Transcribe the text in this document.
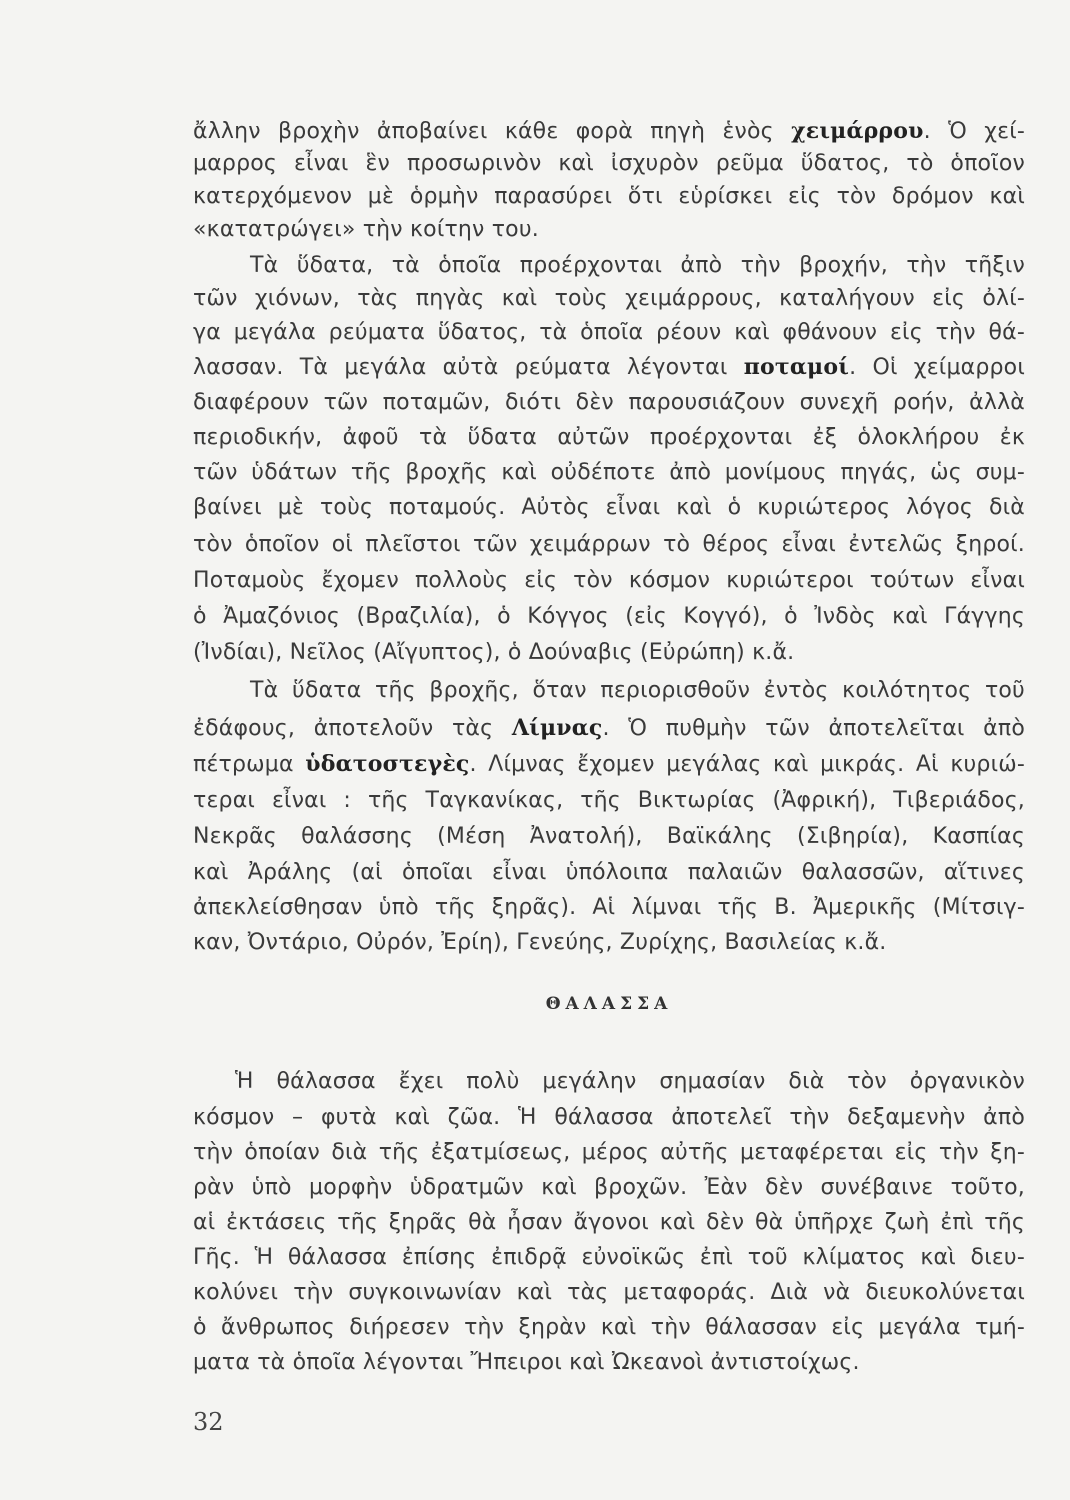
ἄλλην βροχὴν ἀποβαίνει κάθε φορὰ πηγὴ ἑνὸς χειμάρρου. Ὁ χεί-

μαρρος εἶναι ἓν προσωρινὸν καὶ ἰσχυρὸν ρεῦμα ὕδατος, τὸ ὁποῖον

κατερχόμενον μὲ ὁρμὴν παρασύρει ὅτι εὑρίσκει εἰς τὸν δρόμον καὶ

«κατατρώγει» τὴν κοίτην του.

Τὰ ὕδατα, τὰ ὁποῖα προέρχονται ἀπὸ τὴν βροχήν, τὴν τῆξιν

τῶν χιόνων, τὰς πηγὰς καὶ τοὺς χειμάρρους, καταλήγουν εἰς ὀλί-

γα μεγάλα ρεύματα ὕδατος, τὰ ὁποῖα ρέουν καὶ φθάνουν εἰς τὴν θά-

λασσαν. Τὰ μεγάλα αὐτὰ ρεύματα λέγονται ποταμοί. Οἱ χείμαρροι

διαφέρουν τῶν ποταμῶν, διότι δὲν παρουσιάζουν συνεχῆ ροήν, ἀλλὰ

περιοδικήν, ἀφοῦ τὰ ὕδατα αὐτῶν προέρχονται ἐξ ὁλοκλήρου ἐκ

τῶν ὑδάτων τῆς βροχῆς καὶ οὐδέποτε ἀπὸ μονίμους πηγάς, ὡς συμ-

βαίνει μὲ τοὺς ποταμούς. Αὐτὸς εἶναι καὶ ὁ κυριώτερος λόγος διὰ

τὸν ὁποῖον οἱ πλεῖστοι τῶν χειμάρρων τὸ θέρος εἶναι ἐντελῶς ξηροί.

Ποταμοὺς ἔχομεν πολλοὺς εἰς τὸν κόσμον κυριώτεροι τούτων εἶναι

ὁ Ἀμαζόνιος (Βραζιλία), ὁ Κόγγος (εἰς Κογγό), ὁ Ἰνδὸς καὶ Γάγγης

(Ἰνδίαι), Νεῖλος (Αἴγυπτος), ὁ Δούναβις (Εὐρώπη) κ.ἄ.

Τὰ ὕδατα τῆς βροχῆς, ὅταν περιορισθοῦν ἐντὸς κοιλότητος τοῦ

ἐδάφους, ἀποτελοῦν τὰς Λίμνας. Ὁ πυθμὴν τῶν ἀποτελεῖται ἀπὸ

πέτρωμα ὑδατοστεγὲς. Λίμνας ἔχομεν μεγάλας καὶ μικράς. Αἱ κυριώ-

τεραι εἶναι : τῆς Ταγκανίκας, τῆς Βικτωρίας (Ἀφρική), Τιβεριάδος,

Νεκρᾶς θαλάσσης (Μέση Ἀνατολή), Βαϊκάλης (Σιβηρία), Κασπίας

καὶ Ἀράλης (αἱ ὁποῖαι εἶναι ὑπόλοιπα παλαιῶν θαλασσῶν, αἵτινες

ἀπεκλείσθησαν ὑπὸ τῆς ξηρᾶς). Αἱ λίμναι τῆς Β. Ἀμερικῆς (Μίτσιγ-

καν, Ὀντάριο, Οὐρόν, Ἐρίη), Γενεύης, Ζυρίχης, Βασιλείας κ.ἄ.

ΘΑΛΑΣΣΑ

Ἡ θάλασσα ἔχει πολὺ μεγάλην σημασίαν διὰ τὸν ὀργανικὸν

κόσμον – φυτὰ καὶ ζῶα. Ἡ θάλασσα ἀποτελεῖ τὴν δεξαμενὴν ἀπὸ

τὴν ὁποίαν διὰ τῆς ἐξατμίσεως, μέρος αὐτῆς μεταφέρεται εἰς τὴν ξη-

ρὰν ὑπὸ μορφὴν ὑδρατμῶν καὶ βροχῶν. Ἐὰν δὲν συνέβαινε τοῦτο,

αἱ ἐκτάσεις τῆς ξηρᾶς θὰ ἦσαν ἄγονοι καὶ δὲν θὰ ὑπῆρχε ζωὴ ἐπὶ τῆς

Γῆς. Ἡ θάλασσα ἐπίσης ἐπιδρᾷ εὐνοϊκῶς ἐπὶ τοῦ κλίματος καὶ διευ-

κολύνει τὴν συγκοινωνίαν καὶ τὰς μεταφοράς. Διὰ νὰ διευκολύνεται

ὁ ἄνθρωπος διήρεσεν τὴν ξηρὰν καὶ τὴν θάλασσαν εἰς μεγάλα τμή-

ματα τὰ ὁποῖα λέγονται Ἤπειροι καὶ Ὠκεανοὶ ἀντιστοίχως.

32
